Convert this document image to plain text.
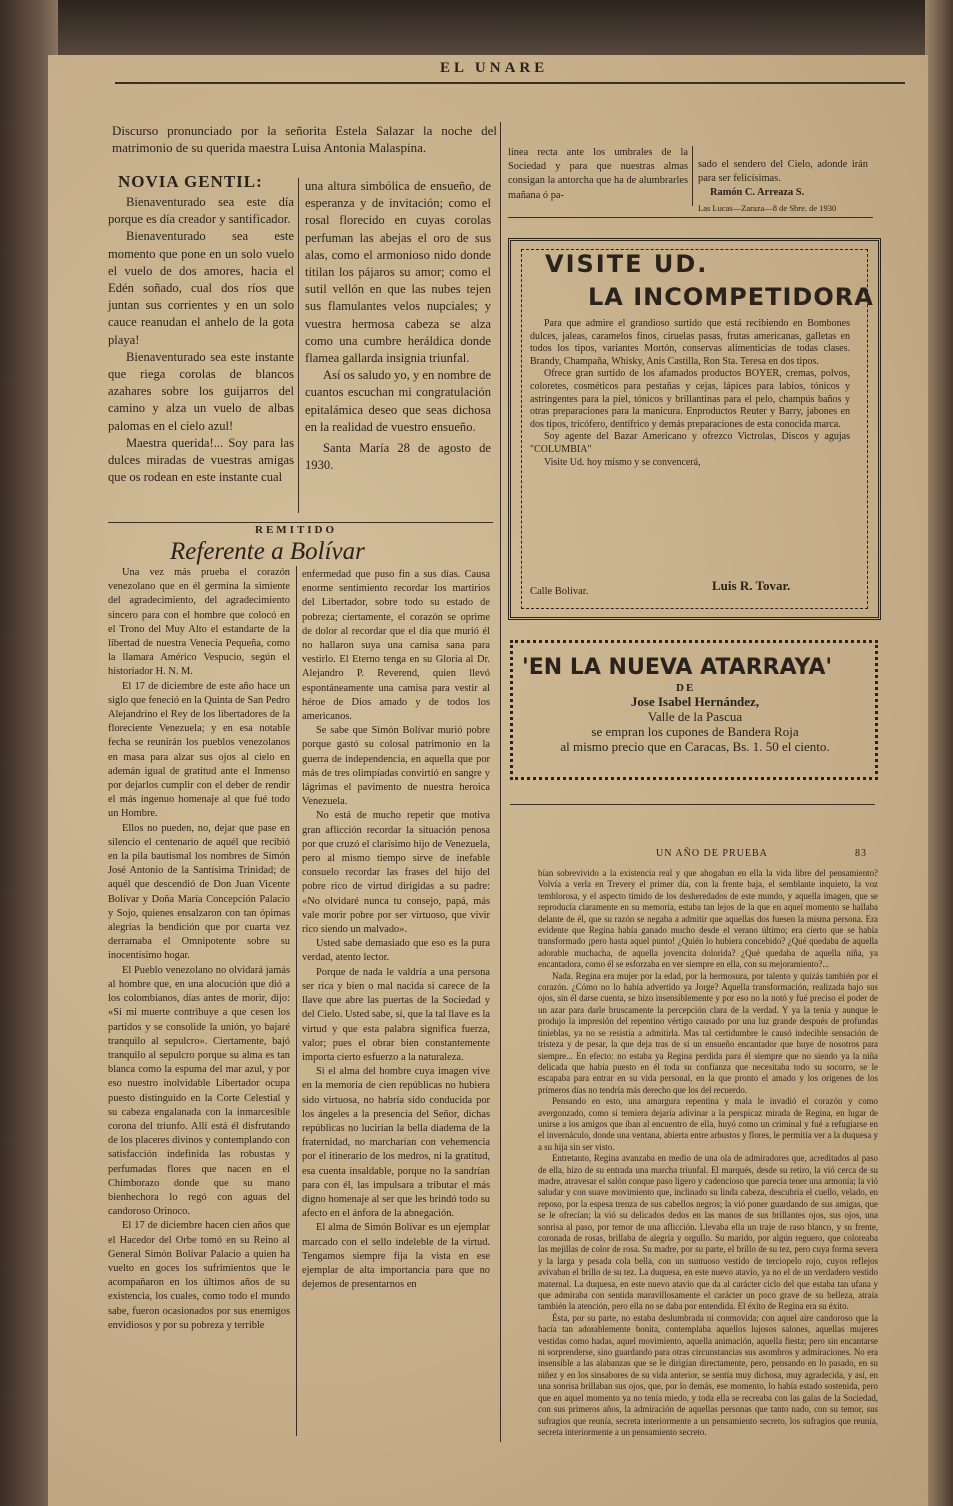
EL UNARE
Discurso pronunciado por la señorita Estela Salazar la noche del matrimonio de su querida maestra Luisa Antonia Malaspina.
NOVIA GENTIL:

Bienaventurado sea este día porque es día creador y santificador.

Bienaventurado sea este momento que pone en un solo vuelo el vuelo de dos amores, hacia el Edén soñado, cual dos ríos que juntan sus corrientes y en un solo cauce reanudan el anhelo de la gota playa!

Bienaventurado sea este instante que riega corolas de blancos azahares sobre los guijarros del camino y alza un vuelo de albas palomas en el cielo azul!

Maestra querida!... Soy para las dulces miradas de vuestras amigas que os rodean en este instante cual

una altura simbólica de ensueño, de esperanza y de invitación; como el rosal florecido en cuyas corolas perfuman las abejas el oro de sus alas, como el armonioso nido donde titilan los pájaros su amor; como el sutil vellón en que las nubes tejen sus flamulantes velos nupciales; y vuestra hermosa cabeza se alza como una cumbre heráldica donde flamea gallarda insignia triunfal.

Así os saludo yo, y en nombre de cuantos escuchan mi congratulación epitalámica deseo que seas dichosa en la realidad de vuestro ensueño.

Santa María 28 de agosto de 1930.

línea recta ante los umbrales de la Sociedad y para que nuestras almas consigan la antorcha que ha de alumbrarles mañana ó pa-

sado el sendero del Cielo, adonde irán para ser felicísimas.

Ramón C. Arreaza S.

Las Lucas—Zaraza—8 de Sbre. de 1930

VISITE UD.
LA INCOMPETIDORA

Para que admire el grandioso surtido que está recibiendo en Bombones dulces, jaleas, caramelos finos, ciruelas pasas, frutas americanas, galletas en todos los tipos, variantes Mortón, conservas alimenticias de todas clases. Brandy, Champaña, Whisky, Anís Castilla, Ron Sta. Teresa en dos tipos.

Ofrece gran surtido de los afamados productos BOYER, cremas, polvos, coloretes, cosméticos para pestañas y cejas, lápices para labios, tónicos y astringentes para la piel, tónicos y brillantinas para el pelo, champús baños y otras preparaciones para la manicura. Enproductos Reuter y Barry, jabones en dos tipos, tricófero, dentífrico y demás preparaciones de esta conocida marca.

Soy agente del Bazar Americano y ofrezco Victrolas, Discos y agujas "COLUMBIA"

Visite Ud. hoy mismo y se convencerá,

Luis R. Tovar.
Calle Bolívar.
'EN LA NUEVA ATARRAYA'
DE
Jose Isabel Hernández,
Valle de la Pascua
se empran los cupones de Bandera Roja
al mismo precio que en Caracas, Bs. 1. 50 el ciento.
REMITIDO
Referente a Bolívar

Una vez más prueba el corazón venezolano que en él germina la simiente del agradecimiento, del agradecimiento sincero para con el hombre que colocó en el Trono del Muy Alto el estandarte de la libertad de nuestra Venecia Pequeña, como la llamara Américo Vespucio, según el historiador H. N. M.

El 17 de diciembre de este año hace un siglo que feneció en la Quinta de San Pedro Alejandrino el Rey de los libertadores de la floreciente Venezuela; y en esa notable fecha se reunirán los pueblos venezolanos en masa para alzar sus ojos al cielo en ademán igual de gratitud ante el Inmenso por dejarlos cumplir con el deber de rendir el más ingenuo homenaje al que fué todo un Hombre.

Ellos no pueden, no, dejar que pase en silencio el centenario de aquél que recibió en la pila bautismal los nombres de Simón José Antonio de la Santísima Trinidad; de aquél que descendió de Don Juan Vicente Bolívar y Doña María Concepción Palacio y Sojo, quienes ensalzaron con tan ópimas alegrías la bendición que por cuarta vez derramaba el Omnipotente sobre su inocentísimo hogar.

El Pueblo venezolano no olvidará jamás al hombre que, en una alocución que dió a los colombianos, días antes de morir, dijo: «Si mi muerte contribuye a que cesen los partidos y se consolide la unión, yo bajaré tranquilo al sepulcro». Ciertamente, bajó tranquilo al sepulcro porque su alma es tan blanca como la espuma del mar azul, y por eso nuestro inolvidable Libertador ocupa puesto distinguido en la Corte Celestial y su cabeza engalanada con la inmarcesible corona del triunfo. Allí está él disfrutando de los placeres divinos y contemplando con satisfacción indefinida las robustas y perfumadas flores que nacen en el Chimborazo donde que su mano bienhechora lo regó con aguas del candoroso Orinoco.

El 17 de diciembre hacen cien años que el Hacedor del Orbe tomó en su Reino al General Simón Bolívar Palacio a quien ha vuelto en goces los sufrimientos que le acompañaron en los últimos años de su existencia, los cuales, como todo el mundo sabe, fueron ocasionados por sus enemigos envidiosos y por su pobreza y terrible

enfermedad que puso fin a sus días. Causa enorme sentimiento recordar los martirios del Libertador, sobre todo su estado de pobreza; ciertamente, el corazón se oprime de dolor al recordar que el día que murió él no hallaron suya una camisa sana para vestirlo. El Eterno tenga en su Gloria al Dr. Alejandro P. Reverend, quien llevó espontáneamente una camisa para vestir al héroe de Dios amado y de todos los americanos.

Se sabe que Simón Bolívar murió pobre porque gastó su colosal patrimonio en la guerra de independencia, en aquella que por más de tres olimpíadas convirtió en sangre y lágrimas el pavimento de nuestra heroica Venezuela.

No está de mucho repetir que motiva gran aflicción recordar la situación penosa por que cruzó el clarísimo hijo de Venezuela, pero al mismo tiempo sirve de inefable consuelo recordar las frases del hijo del pobre rico de virtud dirigidas a su padre: «No olvidaré nunca tu consejo, papá, más vale morir pobre por ser virtuoso, que vivir rico siendo un malvado».

Usted sabe demasiado que eso es la pura verdad, atento lector.

Porque de nada le valdría a una persona ser rica y bien o mal nacida si carece de la llave que abre las puertas de la Sociedad y del Cielo. Usted sabe, sí, que la tal llave es la virtud y que esta palabra significa fuerza, valor; pues el obrar bien constantemente importa cierto esfuerzo a la naturaleza.

Si el alma del hombre cuya imagen vive en la memoria de cien repúblicas no hubiera sido virtuosa, no habría sido conducida por los ángeles a la presencia del Señor, dichas repúblicas no lucirían la bella diadema de la fraternidad, no marcharían con vehemencia por el itinerario de los medros, ni la gratitud, esa cuenta insaldable, porque no la sandrían para con él, las impulsara a tributar el más digno homenaje al ser que les brindó todo su afecto en el ánfora de la abnegación.

El alma de Simón Bolívar es un ejemplar marcado con el sello indeleble de la virtud. Tengamos siempre fija la vista en ese ejemplar de alta importancia para que no dejemos de presentarnos en

UN AÑO DE PRUEBA	83

bían sobrevivido a la existencia real y que ahogaban en ella la vida libre del pensamiento? Volvía a verla en Trevery el primer día, con la frente baja, el semblante inquieto, la voz temblorosa, y el aspecto tímido de los desheredados de este mundo, y aquella imagen, que se reproducía claramente en su memoria, estaba tan lejos de la que en aquel momento se hallaba delante de él, que su razón se negaba a admitir que aquellas dos fuesen la misma persona. Era evidente que Regina había ganado mucho desde el verano último; era cierto que se había transformado ¡pero hasta aquel punto! ¿Quién lo hubiera concebido? ¿Qué quedaba de aquella adorable muchacha, de aquella jovencita dolorida? ¿Qué quedaba de aquella niña, ya encantadora, como él se esforzaba en ver siempre en ella, con su mejoramiento?...

Nada. Regina era mujer por la edad, por la hermosura, por talento y quizás también por el corazón. ¿Cómo no lo había advertido ya Jorge? Aquella transformación, realizada bajo sus ojos, sin él darse cuenta, se hizo insensiblemente y por eso no la notó y fué preciso el poder de un azar para darle bruscamente la percepción clara de la verdad. Y ya la tenía y aunque le produjo la impresión del repentino vértigo causado por una luz grande después de profundas tinieblas, ya no se resistía a admitirla. Mas tal certidumbre le causó indecible sensación de tristeza y de pesar, la que deja tras de sí un ensueño encantador que huye de nosotros para siempre... En efecto: no estaba ya Regina perdida para él siempre que no siendo ya la niña delicada que había puesto en él toda su confianza que necesitaba todo su socorro, se le escapaba para entrar en su vida personal, en la que pronto el amado y los orígenes de los primeros días no tendría más derecho que los del recuerdo.

Pensando en esto, una amargura repentina y mala le invadió el corazón y como avergonzado, como si temiera dejaría adivinar a la perspicaz mirada de Regina, en lugar de unirse a los amigos que iban al encuentro de ella, huyó como un criminal y fué a refugiarse en el invernáculo, donde una ventana, abierta entre arbustos y flores, le permitía ver a la duquesa y a su hija sin ser visto.

Entretanto, Regina avanzaba en medio de una ola de admiradores que, acreditados al paso de ella, hizo de su entrada una marcha triunfal. El marqués, desde su retiro, la vió cerca de su madre, atravesar el salón conque paso ligero y cadencioso que parecía tener una armonía; la vió saludar y con suave movimiento que, inclinado su linda cabeza, descubría el cuello, velado, en reposo, por la espesa trenza de sus cabellos negros; la vió poner guardando de sus amigas, que se le ofrecían; la vió su delicados dedos en las manos de sus brillantes ojos, sus ojos, una sonrisa al paso, por temor de una aflicción. Llevaba ella un traje de raso blanco, y su frente, coronada de rosas, brillaba de alegría y orgullo. Su marido, por algún reguero, que coloreaba las mejillas de color de rosa. Su madre, por su parte, el brillo de su tez, pero cuya forma severa y la larga y pesada cola bella, con un suntuoso vestido de terciopelo rojo, cuyos reflejos avivaban el brillo de su tez. La duquesa, en este nuevo atavío, ya no el de un verdadero vestido maternal. La duquesa, en este nuevo atavío que da al carácter ciclo del que estaba tan ufana y que admiraba con sentida maravillosamente el carácter un poco grave de su belleza, atraía también la atención, pero ella no se daba por entendida. El éxito de Regina era su éxito.

Ésta, por su parte, no estaba deslumbrada ni conmovida; con aquel aire candoroso que la hacía tan adorablemente bonita, contemplaba aquellos lujosos salones, aquellas mujeres vestidas como hadas, aquel movimiento, aquella animación, aquella fiesta; pero sin encantarse ni sorprenderse, sino guardando para otras circunstancias sus asombros y admiraciones. No era insensible a las alabanzas que se le dirigían directamente, pero, pensando en lo pasado, en su niñez y en los sinsabores de su vida anterior, se sentía muy dichosa, muy agradecida, y así, en una sonrisa brillaban sus ojos, que, por lo demás, ese momento, lo había estado sostenida, pero que en aquel momento ya no tenía miedo, y toda ella se recreaba con las galas de la Sociedad, con sus primeros años, la admiración de aquellas personas que tanto nado, con su temor, sus sufragios que reunía, secreta interiormente a un pensamiento secreto, los sufragios que reunía, secreta interiormente a un pensamiento secreto.
